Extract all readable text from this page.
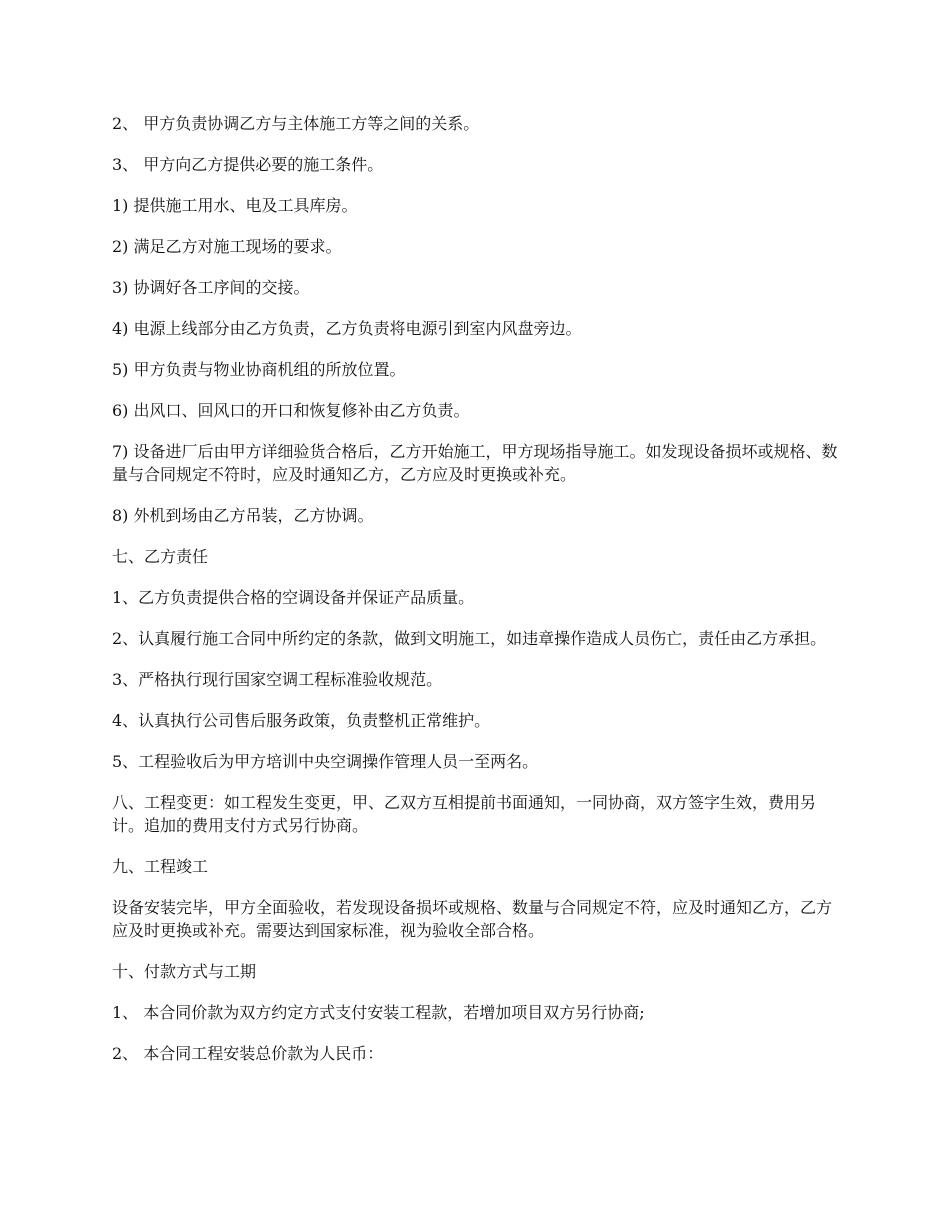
2、 甲方负责协调乙方与主体施工方等之间的关系。

3、 甲方向乙方提供必要的施工条件。

1) 提供施工用水、电及工具库房。

2) 满足乙方对施工现场的要求。

3) 协调好各工序间的交接。

4) 电源上线部分由乙方负责，乙方负责将电源引到室内风盘旁边。

5) 甲方负责与物业协商机组的所放位置。

6) 出风口、回风口的开口和恢复修补由乙方负责。

7) 设备进厂后由甲方详细验货合格后，乙方开始施工，甲方现场指导施工。如发现设备损坏或规格、数量与合同规定不符时，应及时通知乙方，乙方应及时更换或补充。

8) 外机到场由乙方吊装，乙方协调。

七、乙方责任

1、乙方负责提供合格的空调设备并保证产品质量。

2、认真履行施工合同中所约定的条款，做到文明施工，如违章操作造成人员伤亡，责任由乙方承担。

3、严格执行现行国家空调工程标准验收规范。

4、认真执行公司售后服务政策，负责整机正常维护。

5、工程验收后为甲方培训中央空调操作管理人员一至两名。

八、工程变更：如工程发生变更，甲、乙双方互相提前书面通知，一同协商，双方签字生效，费用另计。追加的费用支付方式另行协商。

九、工程竣工

设备安装完毕，甲方全面验收，若发现设备损坏或规格、数量与合同规定不符，应及时通知乙方，乙方应及时更换或补充。需要达到国家标准，视为验收全部合格。

十、付款方式与工期

1、 本合同价款为双方约定方式支付安装工程款，若增加项目双方另行协商;

2、 本合同工程安装总价款为人民币：
